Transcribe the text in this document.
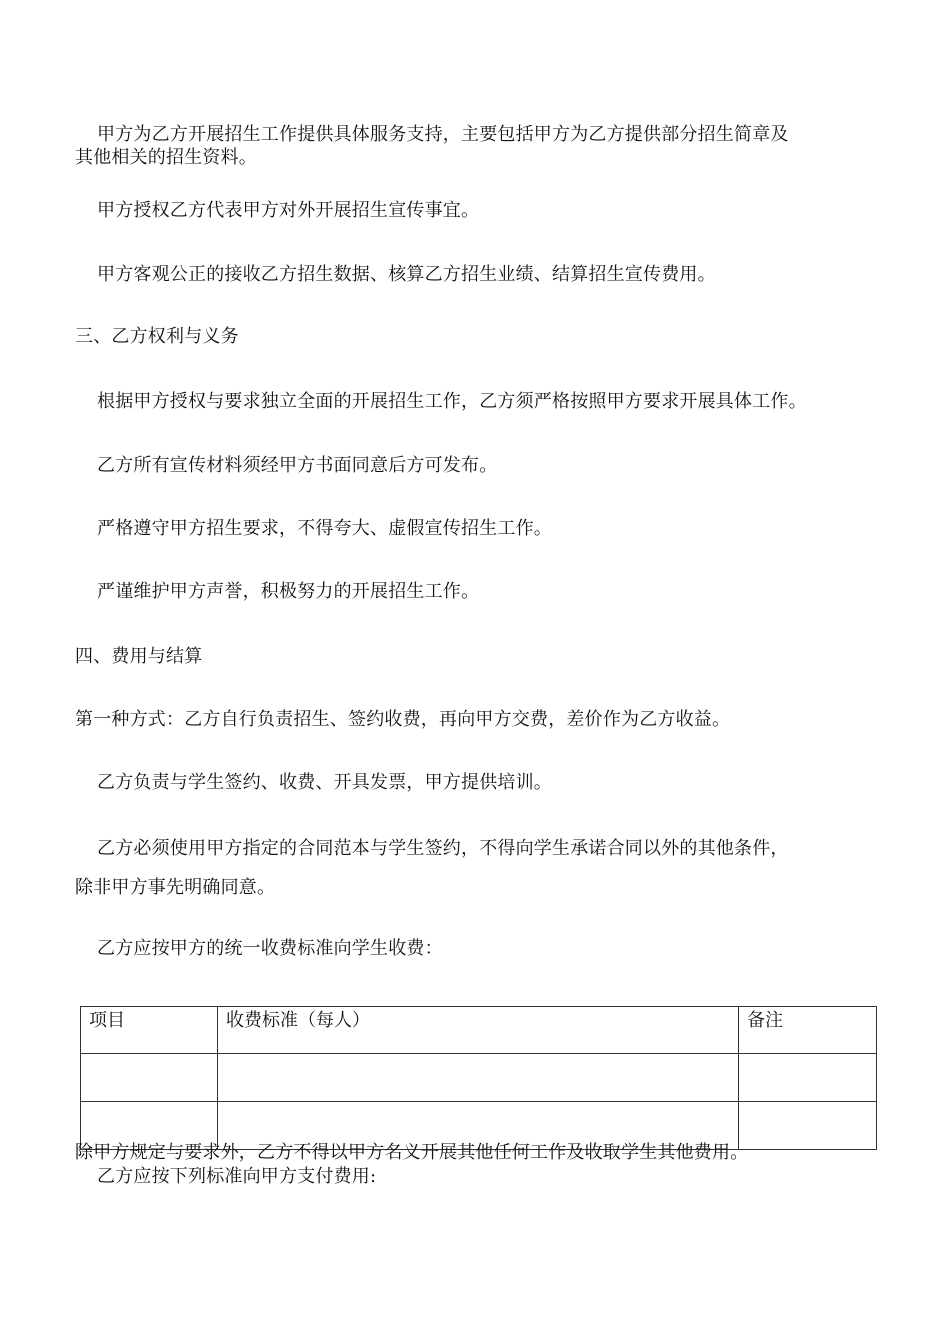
甲方为乙方开展招生工作提供具体服务支持，主要包括甲方为乙方提供部分招生简章及
其他相关的招生资料。
甲方授权乙方代表甲方对外开展招生宣传事宜。
甲方客观公正的接收乙方招生数据、核算乙方招生业绩、结算招生宣传费用。
三、乙方权利与义务
根据甲方授权与要求独立全面的开展招生工作，乙方须严格按照甲方要求开展具体工作。
乙方所有宣传材料须经甲方书面同意后方可发布。
严格遵守甲方招生要求，不得夸大、虚假宣传招生工作。
严谨维护甲方声誉，积极努力的开展招生工作。
四、费用与结算
第一种方式：乙方自行负责招生、签约收费，再向甲方交费，差价作为乙方收益。
乙方负责与学生签约、收费、开具发票，甲方提供培训。
乙方必须使用甲方指定的合同范本与学生签约，不得向学生承诺合同以外的其他条件，
除非甲方事先明确同意。
乙方应按甲方的统一收费标准向学生收费：
项目	收费标准（每人）	备注

除甲方规定与要求外，乙方不得以甲方名义开展其他任何工作及收取学生其他费用。
乙方应按下列标准向甲方支付费用:
